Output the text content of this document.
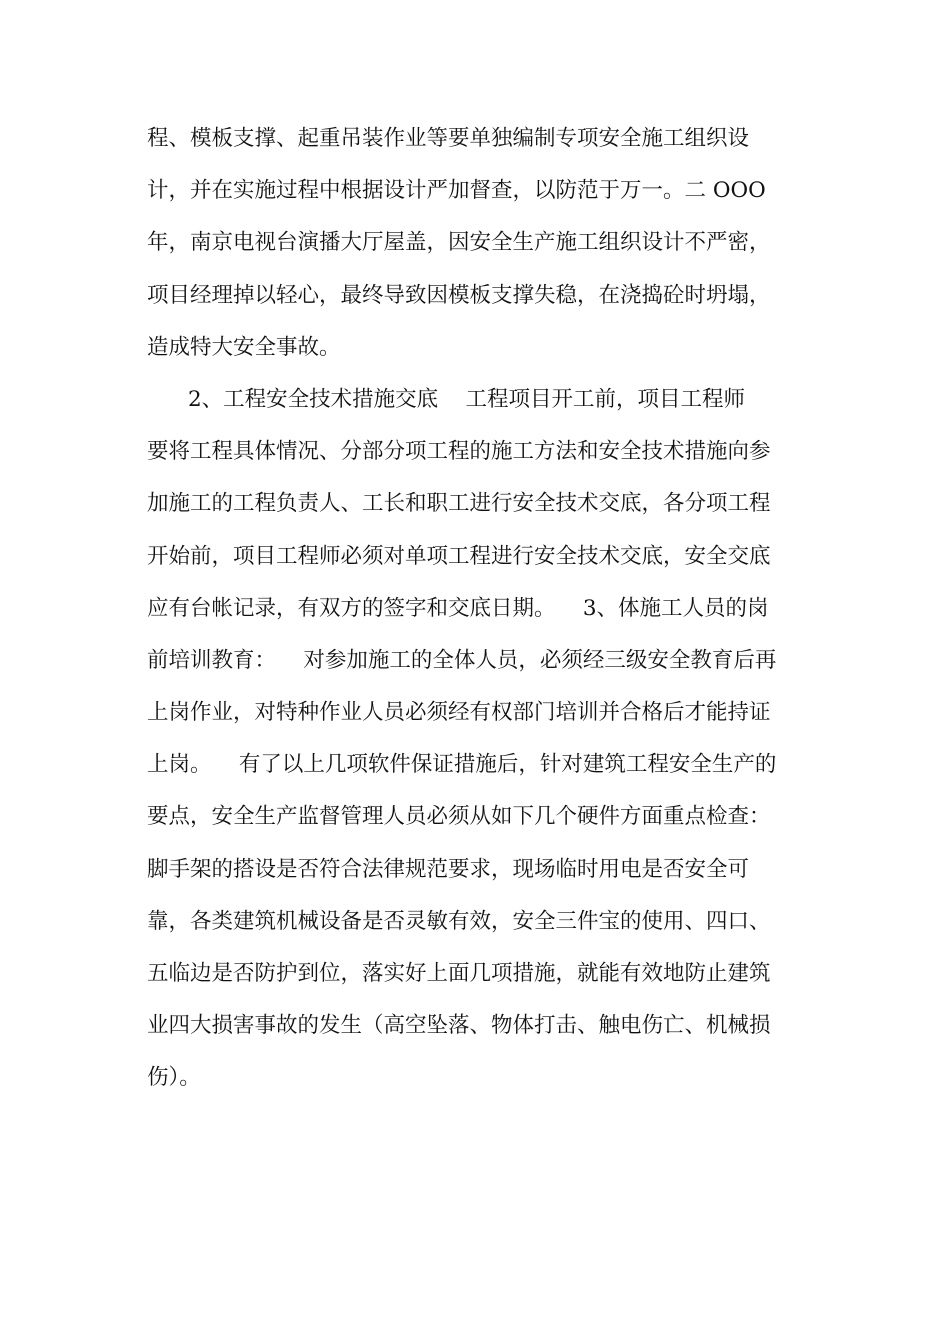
程、模板支撑、起重吊装作业等要单独编制专项安全施工组织设
计，并在实施过程中根据设计严加督查，以防范于万一。二 OOO
年，南京电视台演播大厅屋盖，因安全生产施工组织设计不严密，
项目经理掉以轻心，最终导致因模板支撑失稳，在浇捣砼时坍塌，
造成特大安全事故。
2、工程安全技术措施交底    工程项目开工前，项目工程师
要将工程具体情况、分部分项工程的施工方法和安全技术措施向参
加施工的工程负责人、工长和职工进行安全技术交底，各分项工程
开始前，项目工程师必须对单项工程进行安全技术交底，安全交底
应有台帐记录，有双方的签字和交底日期。    3、体施工人员的岗
前培训教育：    对参加施工的全体人员，必须经三级安全教育后再
上岗作业，对特种作业人员必须经有权部门培训并合格后才能持证
上岗。    有了以上几项软件保证措施后，针对建筑工程安全生产的
要点，安全生产监督管理人员必须从如下几个硬件方面重点检查：
脚手架的搭设是否符合法律规范要求，现场临时用电是否安全可
靠，各类建筑机械设备是否灵敏有效，安全三件宝的使用、四口、
五临边是否防护到位，落实好上面几项措施，就能有效地防止建筑
业四大损害事故的发生（高空坠落、物体打击、触电伤亡、机械损
伤）。
